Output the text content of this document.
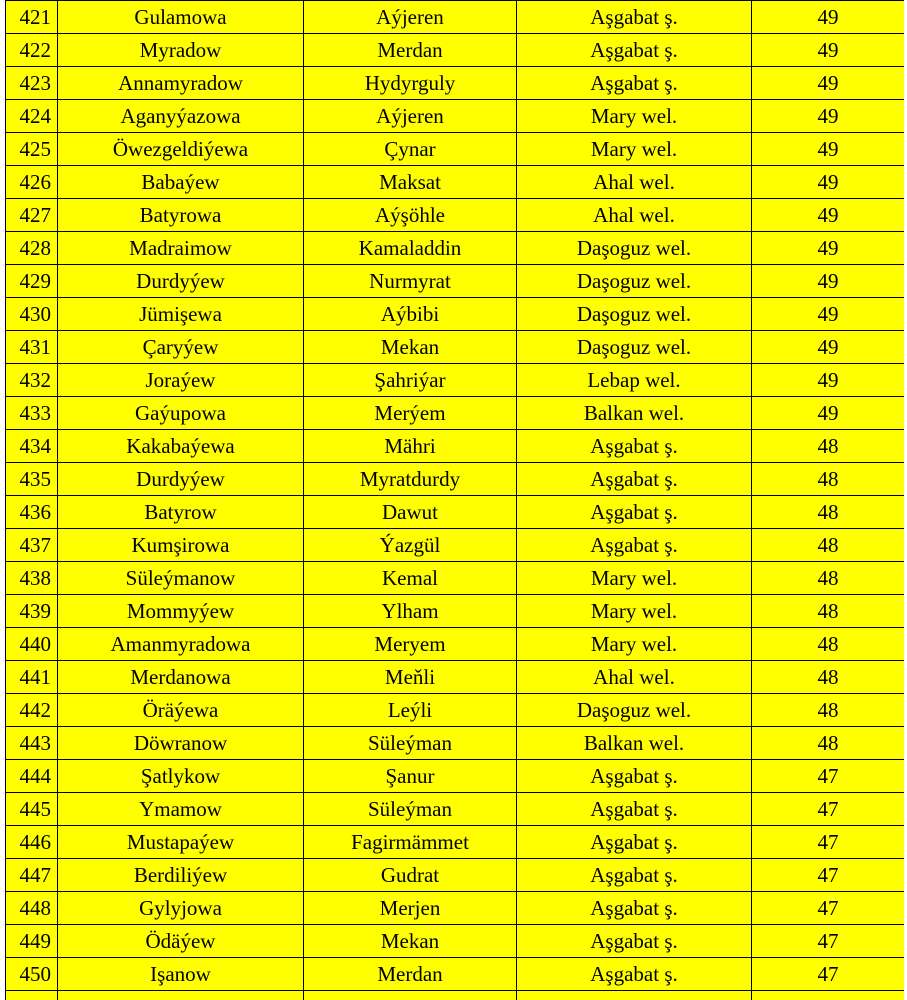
421	Gulamowa	Aýjeren	Aşgabat ş.	49
422	Myradow	Merdan	Aşgabat ş.	49
423	Annamyradow	Hydyrguly	Aşgabat ş.	49
424	Aganyýazowa	Aýjeren	Mary wel.	49
425	Öwezgeldiýewa	Çynar	Mary wel.	49
426	Babaýew	Maksat	Ahal wel.	49
427	Batyrowa	Aýşöhle	Ahal wel.	49
428	Madraimow	Kamaladdin	Daşoguz wel.	49
429	Durdyýew	Nurmyrat	Daşoguz wel.	49
430	Jümişewa	Aýbibi	Daşoguz wel.	49
431	Çaryýew	Mekan	Daşoguz wel.	49
432	Joraýew	Şahriýar	Lebap wel.	49
433	Gaýupowa	Merýem	Balkan wel.	49
434	Kakabaýewa	Mähri	Aşgabat ş.	48
435	Durdyýew	Myratdurdy	Aşgabat ş.	48
436	Batyrow	Dawut	Aşgabat ş.	48
437	Kumşirowa	Ýazgül	Aşgabat ş.	48
438	Süleýmanow	Kemal	Mary wel.	48
439	Mommyýew	Ylham	Mary wel.	48
440	Amanmyradowa	Meryem	Mary wel.	48
441	Merdanowa	Meňli	Ahal wel.	48
442	Öräýewa	Leýli	Daşoguz wel.	48
443	Döwranow	Süleýman	Balkan wel.	48
444	Şatlykow	Şanur	Aşgabat ş.	47
445	Ymamow	Süleýman	Aşgabat ş.	47
446	Mustapaýew	Fagirmämmet	Aşgabat ş.	47
447	Berdiliýew	Gudrat	Aşgabat ş.	47
448	Gylyjowa	Merjen	Aşgabat ş.	47
449	Ödäýew	Mekan	Aşgabat ş.	47
450	Işanow	Merdan	Aşgabat ş.	47
